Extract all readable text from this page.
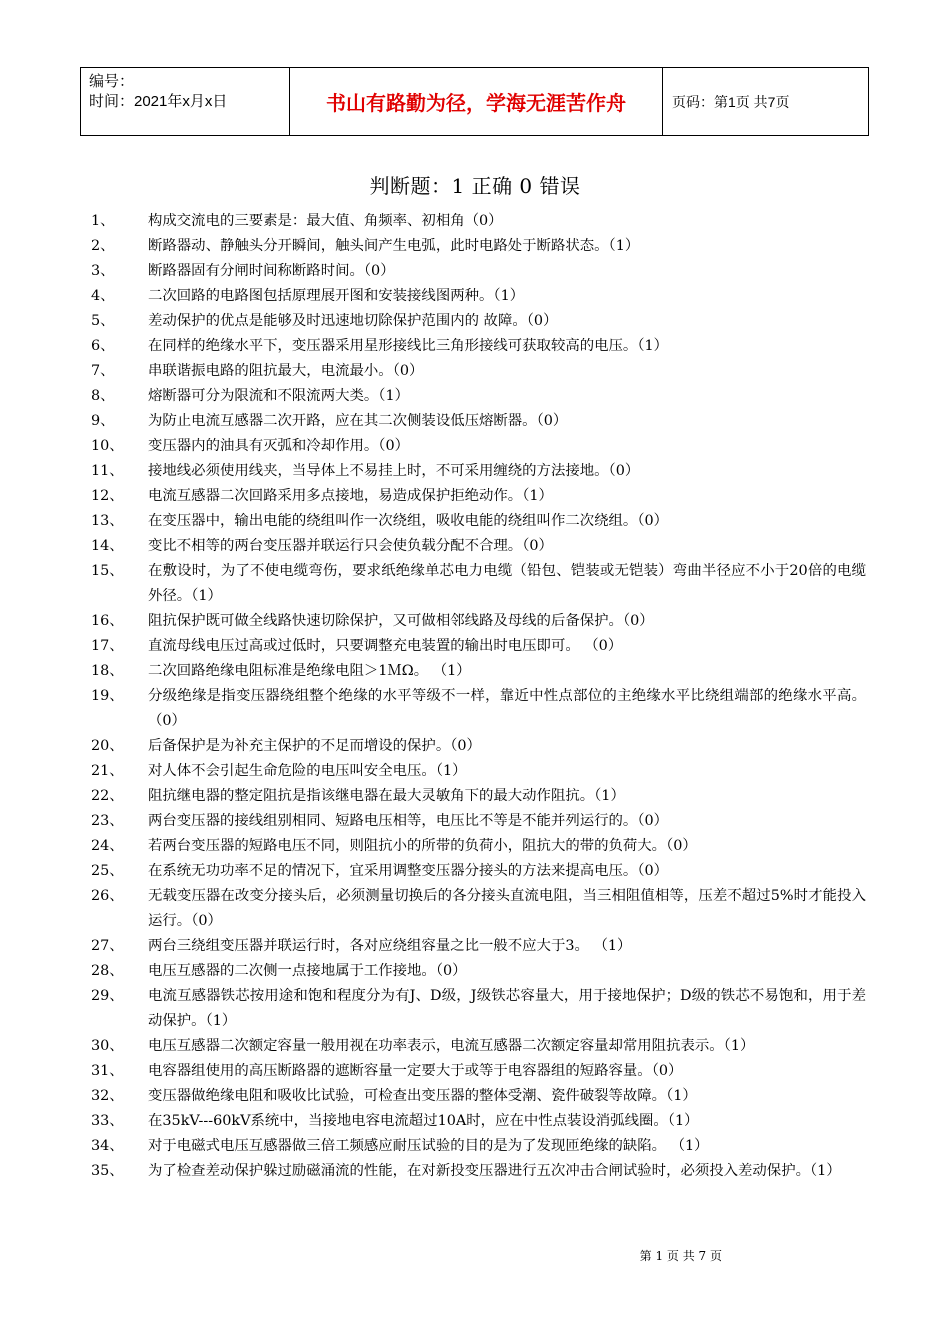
编号：
时间：2021年x月x日	书山有路勤为径，学海无涯苦作舟	页码：第1页 共7页
判断题：1 正确 0 错误
1、	构成交流电的三要素是：最大值、角频率、初相角（0）
2、	断路器动、静触头分开瞬间，触头间产生电弧，此时电路处于断路状态。（1）
3、	断路器固有分闸时间称断路时间。（0）
4、	二次回路的电路图包括原理展开图和安装接线图两种。（1）
5、	差动保护的优点是能够及时迅速地切除保护范围内的 故障。（0）
6、	在同样的绝缘水平下，变压器采用星形接线比三角形接线可获取较高的电压。（1）
7、	串联谐振电路的阻抗最大，电流最小。（0）
8、	熔断器可分为限流和不限流两大类。（1）
9、	为防止电流互感器二次开路，应在其二次侧装设低压熔断器。（0）
10、	变压器内的油具有灭弧和冷却作用。（0）
11、	接地线必须使用线夹，当导体上不易挂上时，不可采用缠绕的方法接地。（0）
12、	电流互感器二次回路采用多点接地，易造成保护拒绝动作。（1）
13、	在变压器中，输出电能的绕组叫作一次绕组，吸收电能的绕组叫作二次绕组。（0）
14、	变比不相等的两台变压器并联运行只会使负载分配不合理。（0）
15、	在敷设时，为了不使电缆弯伤，要求纸绝缘单芯电力电缆（铅包、铠装或无铠装）弯曲半径应不小于20倍的电缆外径。（1）
16、	阻抗保护既可做全线路快速切除保护，又可做相邻线路及母线的后备保护。（0）
17、	直流母线电压过高或过低时，只要调整充电装置的输出时电压即可。 （0）
18、	二次回路绝缘电阻标准是绝缘电阻＞1ＭΩ。 （1）
19、	分级绝缘是指变压器绕组整个绝缘的水平等级不一样，靠近中性点部位的主绝缘水平比绕组端部的绝缘水平高。（0）
20、	后备保护是为补充主保护的不足而增设的保护。（0）
21、	对人体不会引起生命危险的电压叫安全电压。（1）
22、	阻抗继电器的整定阻抗是指该继电器在最大灵敏角下的最大动作阻抗。（1）
23、	两台变压器的接线组别相同、短路电压相等，电压比不等是不能并列运行的。（0）
24、	若两台变压器的短路电压不同，则阻抗小的所带的负荷小，阻抗大的带的负荷大。（0）
25、	在系统无功功率不足的情况下，宜采用调整变压器分接头的方法来提高电压。（0）
26、	无载变压器在改变分接头后，必须测量切换后的各分接头直流电阻，当三相阻值相等，压差不超过5%时才能投入运行。（0）
27、	两台三绕组变压器并联运行时，各对应绕组容量之比一般不应大于3。 （1）
28、	电压互感器的二次侧一点接地属于工作接地。（0）
29、	电流互感器铁芯按用途和饱和程度分为有J、D级，J级铁芯容量大，用于接地保护；D级的铁芯不易饱和，用于差动保护。（1）
30、	电压互感器二次额定容量一般用视在功率表示，电流互感器二次额定容量却常用阻抗表示。（1）
31、	电容器组使用的高压断路器的遮断容量一定要大于或等于电容器组的短路容量。（0）
32、	变压器做绝缘电阻和吸收比试验，可检查出变压器的整体受潮、瓷件破裂等故障。（1）
33、	在35kV---60kV系统中，当接地电容电流超过10A时，应在中性点装设消弧线圈。（1）
34、	对于电磁式电压互感器做三倍工频感应耐压试验的目的是为了发现匝绝缘的缺陷。 （1）
35、	为了检查差动保护躲过励磁涌流的性能，在对新投变压器进行五次冲击合闸试验时，必须投入差动保护。（1）
第 1 页 共 7 页
